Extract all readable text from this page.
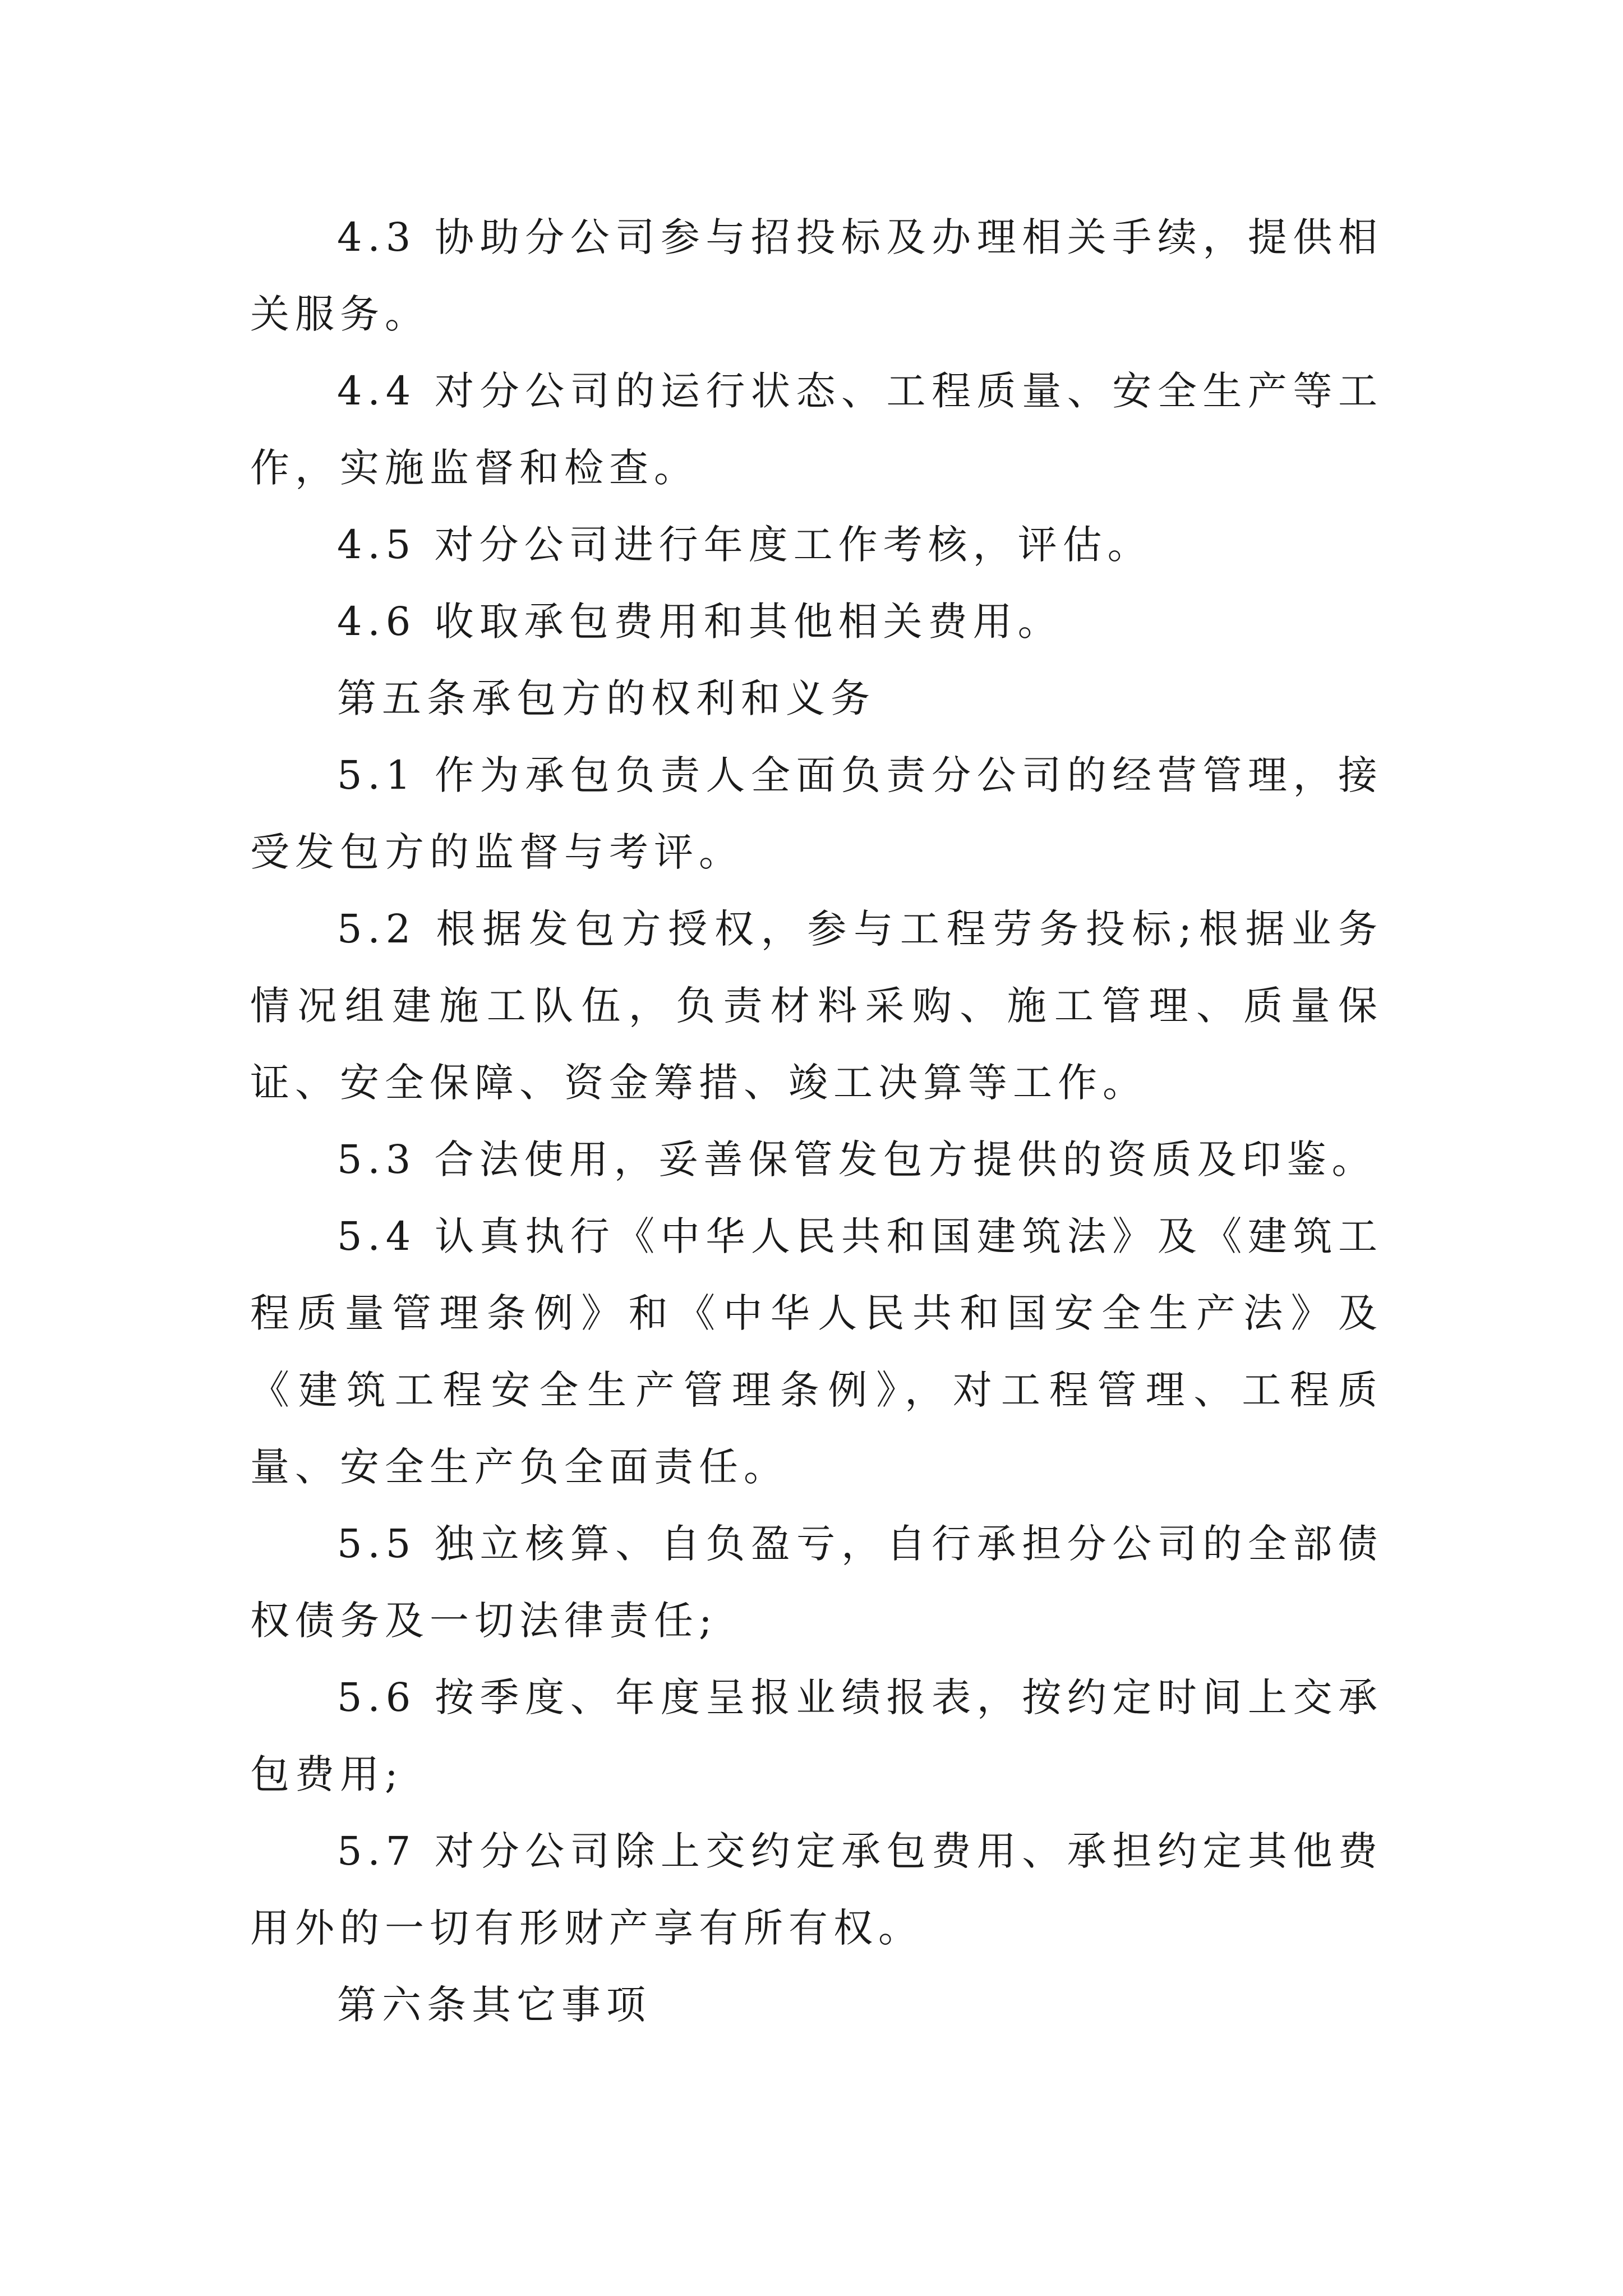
4.3 协助分公司参与招投标及办理相关手续，提供相关服务。

4.4 对分公司的运行状态、工程质量、安全生产等工作，实施监督和检查。

4.5 对分公司进行年度工作考核，评估。

4.6 收取承包费用和其他相关费用。

第五条承包方的权利和义务

5.1 作为承包负责人全面负责分公司的经营管理，接受发包方的监督与考评。

5.2 根据发包方授权，参与工程劳务投标;根据业务情况组建施工队伍，负责材料采购、施工管理、质量保证、安全保障、资金筹措、竣工决算等工作。

5.3 合法使用，妥善保管发包方提供的资质及印鉴。

5.4 认真执行《中华人民共和国建筑法》及《建筑工程质量管理条例》和《中华人民共和国安全生产法》及《建筑工程安全生产管理条例》，对工程管理、工程质量、安全生产负全面责任。

5.5 独立核算、自负盈亏，自行承担分公司的全部债权债务及一切法律责任;

5.6 按季度、年度呈报业绩报表，按约定时间上交承包费用;

5.7 对分公司除上交约定承包费用、承担约定其他费用外的一切有形财产享有所有权。

第六条其它事项
